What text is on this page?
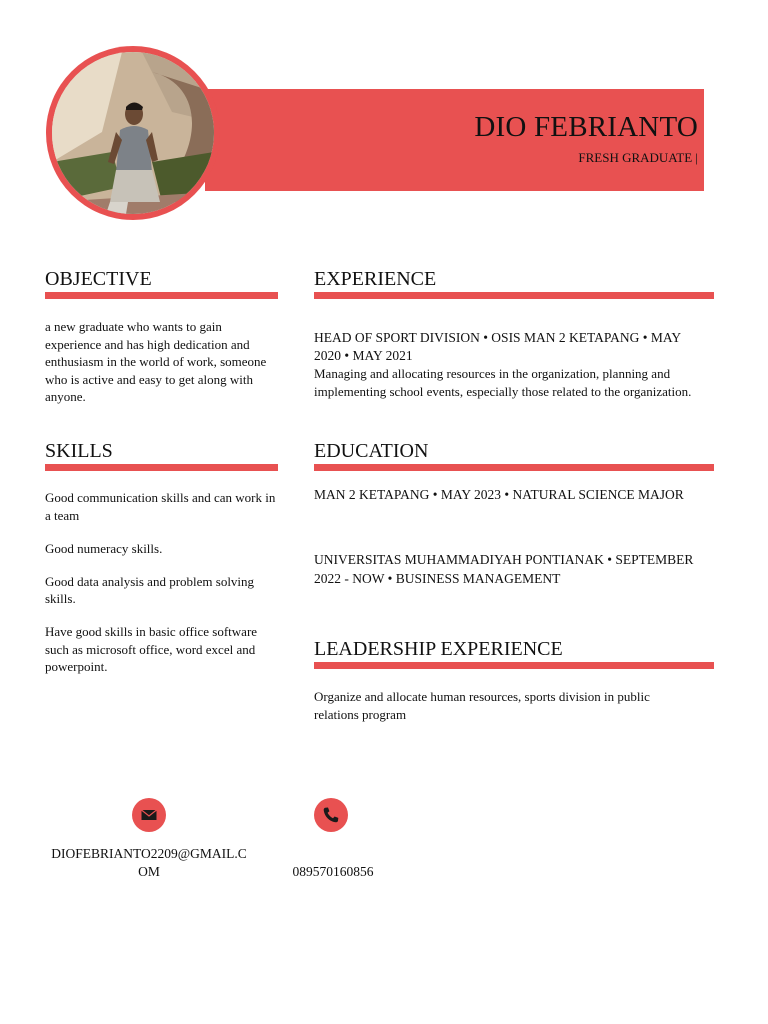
DIO FEBRIANTO
FRESH GRADUATE |
OBJECTIVE
a new graduate who wants to gain experience and has high dedication and enthusiasm in the world of work, someone who is active and easy to get along with anyone.
SKILLS
Good communication skills and can work in a team
Good numeracy skills.
Good data analysis and problem solving skills.
Have good skills in basic office software such as microsoft office, word excel and powerpoint.
EXPERIENCE
HEAD OF SPORT DIVISION • OSIS MAN 2 KETAPANG • MAY 2020 • MAY 2021
Managing and allocating resources in the organization, planning and implementing school events, especially those related to the organization.
EDUCATION
MAN 2 KETAPANG • MAY 2023 • NATURAL SCIENCE MAJOR
UNIVERSITAS MUHAMMADIYAH PONTIANAK • SEPTEMBER 2022 - NOW • BUSINESS MANAGEMENT
LEADERSHIP EXPERIENCE
Organize and allocate human resources, sports division in public relations program
DIOFEBRIANTO2209@GMAIL.C
OM	089570160856
